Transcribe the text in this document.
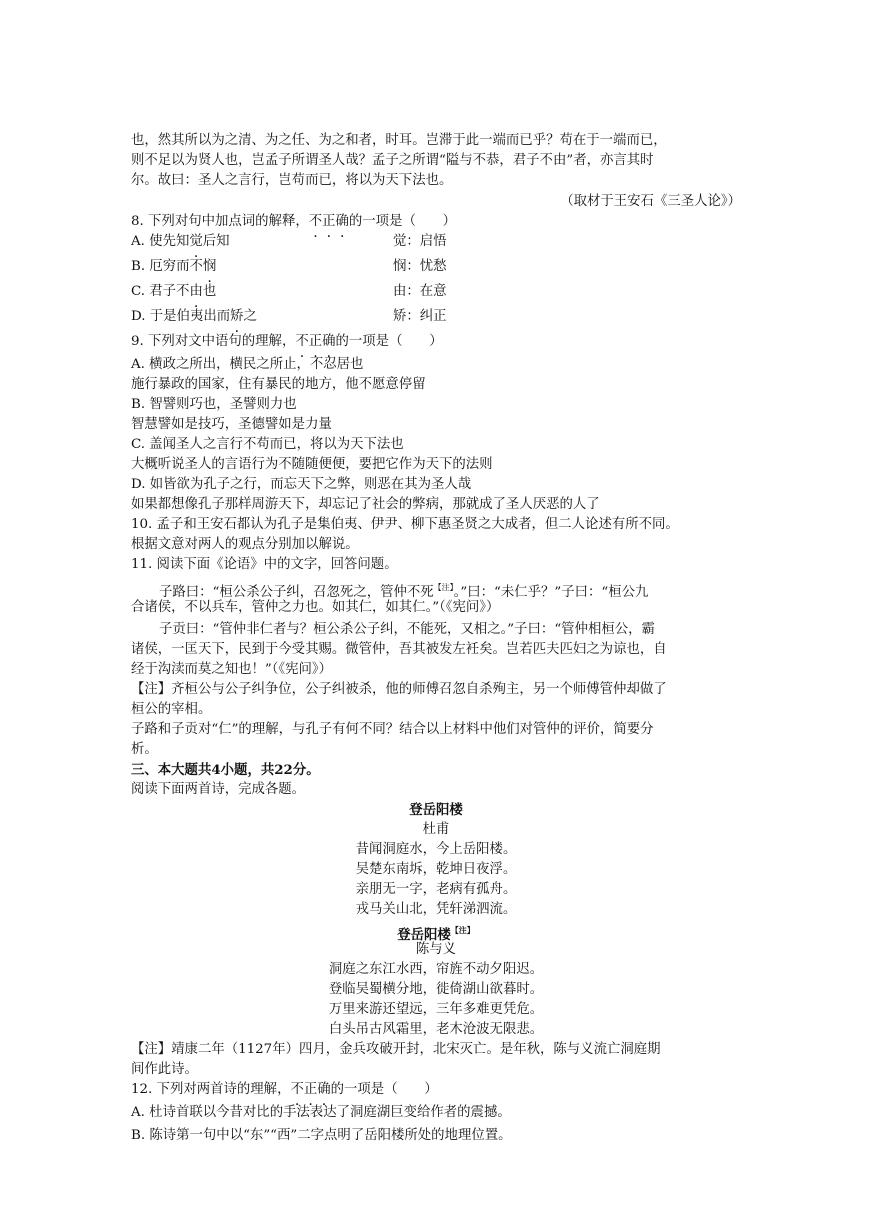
也，然其所以为之清、为之任、为之和者，时耳。岂滞于此一端而已乎？苟在于一端而已，
则不足以为贤人也，岂孟子所谓圣人哉？孟子之所谓“隘与不恭，君子不由”者，亦言其时
尔。故曰：圣人之言行，岂苟而已，将以为天下法也。
（取材于王安石《三圣人论》）
8. 下列对句中加点词的解释，不正确的一项是（　　）
A. 使先知觉后知	觉：启悟
B. 厄穷而不悯	悯：忧愁
C. 君子不由也	由：在意
D. 于是伯夷出而矫之	矫：纠正
9. 下列对文中语句的理解，不正确的一项是（　　）
A. 横政之所出，横民之所止，不忍居也
施行暴政的国家，住有暴民的地方，他不愿意停留
B. 智譬则巧也，圣譬则力也
智慧譬如是技巧，圣德譬如是力量
C. 盖闻圣人之言行不苟而已，将以为天下法也
大概听说圣人的言语行为不随随便便，要把它作为天下的法则
D. 如皆欲为孔子之行，而忘天下之弊，则恶在其为圣人哉
如果都想像孔子那样周游天下，却忘记了社会的弊病，那就成了圣人厌恶的人了
10. 孟子和王安石都认为孔子是集伯夷、伊尹、柳下惠圣贤之大成者，但二人论述有所不同。
根据文意对两人的观点分别加以解说。
11. 阅读下面《论语》中的文字，回答问题。
子路曰：“桓公杀公子纠，召忽死之，管仲不死$^{【注】}$。”曰：“未仁乎？”子曰：“桓公九
合诸侯，不以兵车，管仲之力也。如其仁，如其仁。”（《宪问》）
子贡曰：“管仲非仁者与？桓公杀公子纠，不能死，又相之。”子曰：“管仲相桓公，霸
诸侯，一匡天下，民到于今受其赐。微管仲，吾其被发左衽矣。岂若匹夫匹妇之为谅也，自
经于沟渎而莫之知也！”（《宪问》）
【注】齐桓公与公子纠争位，公子纠被杀，他的师傅召忽自杀殉主，另一个师傅管仲却做了
桓公的宰相。
子路和子贡对“仁”的理解，与孔子有何不同？结合以上材料中他们对管仲的评价，简要分
析。
三、本大题共4小题，共22分。
阅读下面两首诗，完成各题。
登岳阳楼
杜甫
昔闻洞庭水，今上岳阳楼。
吴楚东南坼，乾坤日夜浮。
亲朋无一字，老病有孤舟。
戎马关山北，凭轩涕泗流。
登岳阳楼$^{【注】}$
陈与义
洞庭之东江水西，帘旌不动夕阳迟。
登临吴蜀横分地，徙倚湖山欲暮时。
万里来游还望远，三年多难更凭危。
白头吊古风霜里，老木沧波无限悲。
【注】靖康二年（1127年）四月，金兵攻破开封，北宋灭亡。是年秋，陈与义流亡洞庭期
间作此诗。
12. 下列对两首诗的理解，不正确的一项是（　　）
A. 杜诗首联以今昔对比的手法表达了洞庭湖巨变给作者的震撼。
B. 陈诗第一句中以“东”“西”二字点明了岳阳楼所处的地理位置。
